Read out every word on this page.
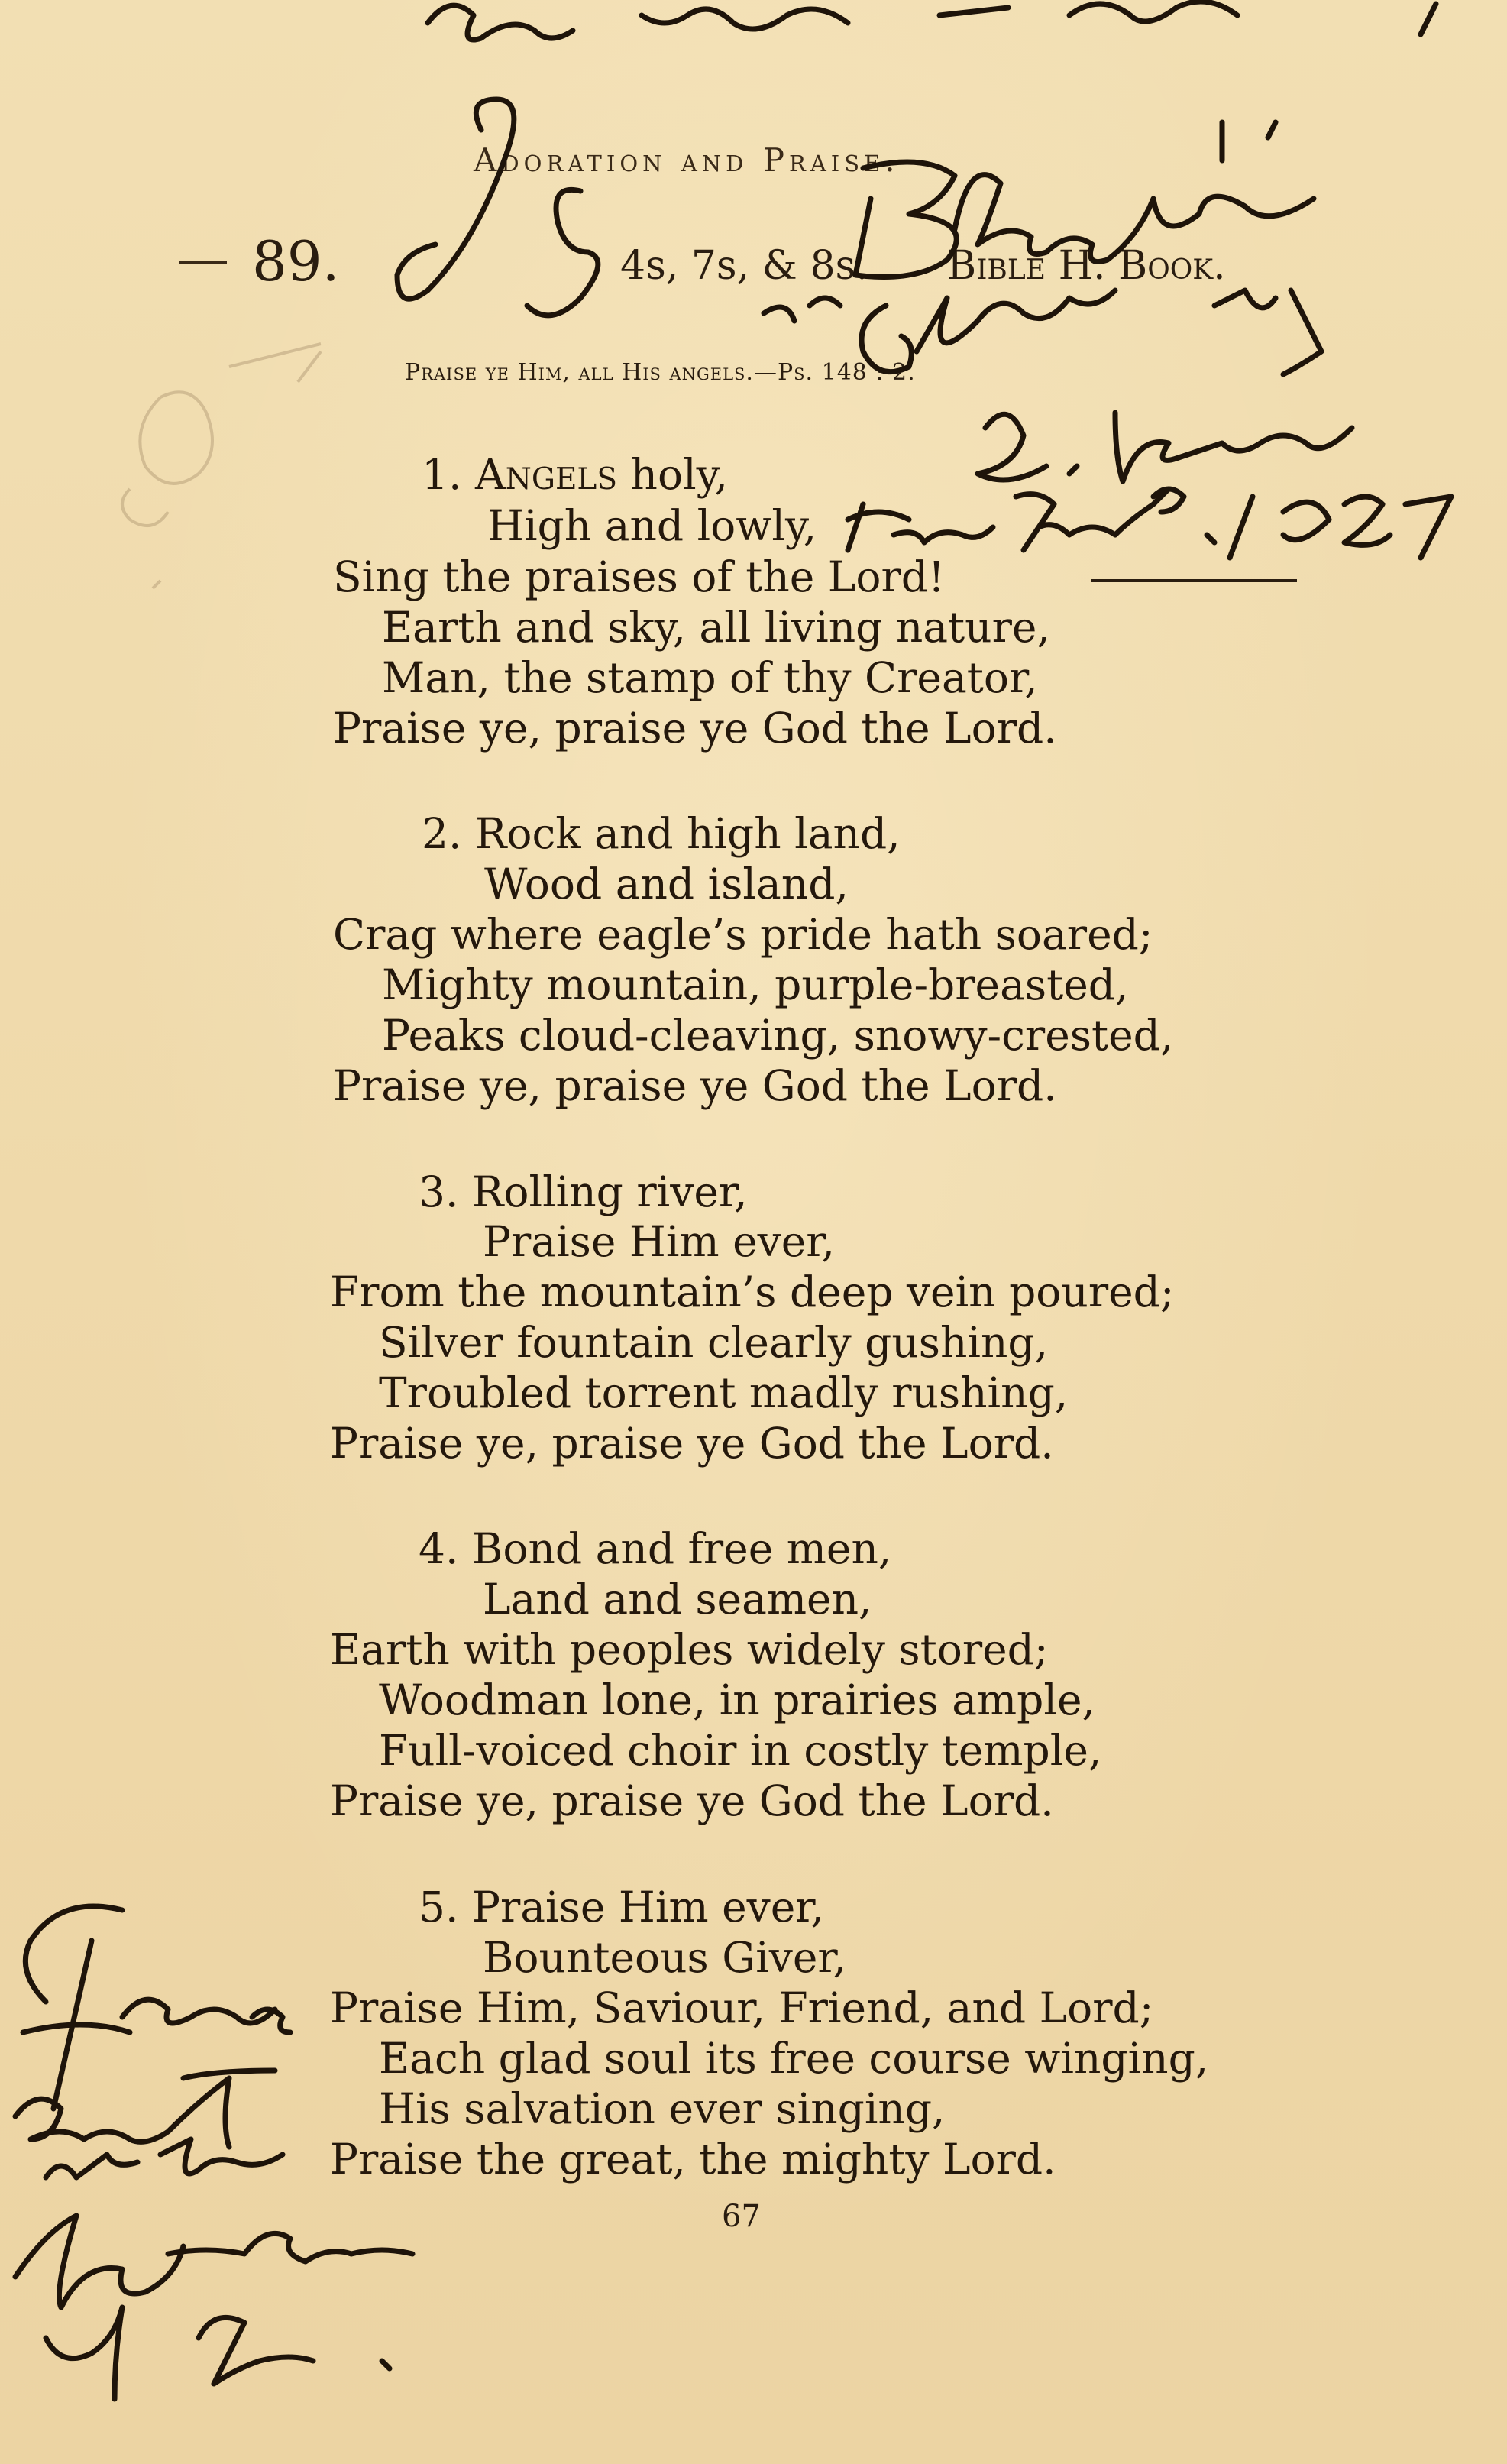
Adoration and Praise.
89.	4s, 7s, & 8s. Bible H. Book.
Praise ye Him, all His angels.—Ps. 148 : 2.
1. Angels holy,
High and lowly,
Sing the praises of the Lord!
Earth and sky, all living nature,
Man, the stamp of thy Creator,
Praise ye, praise ye God the Lord.
2. Rock and high land,
Wood and island,
Crag where eagle’s pride hath soared;
Mighty mountain, purple-breasted,
Peaks cloud-cleaving, snowy-crested,
Praise ye, praise ye God the Lord.
3. Rolling river,
Praise Him ever,
From the mountain’s deep vein poured;
Silver fountain clearly gushing,
Troubled torrent madly rushing,
Praise ye, praise ye God the Lord.
4. Bond and free men,
Land and seamen,
Earth with peoples widely stored;
Woodman lone, in prairies ample,
Full-voiced choir in costly temple,
Praise ye, praise ye God the Lord.
5. Praise Him ever,
Bounteous Giver,
Praise Him, Saviour, Friend, and Lord;
Each glad soul its free course winging,
His salvation ever singing,
Praise the great, the mighty Lord.
67
